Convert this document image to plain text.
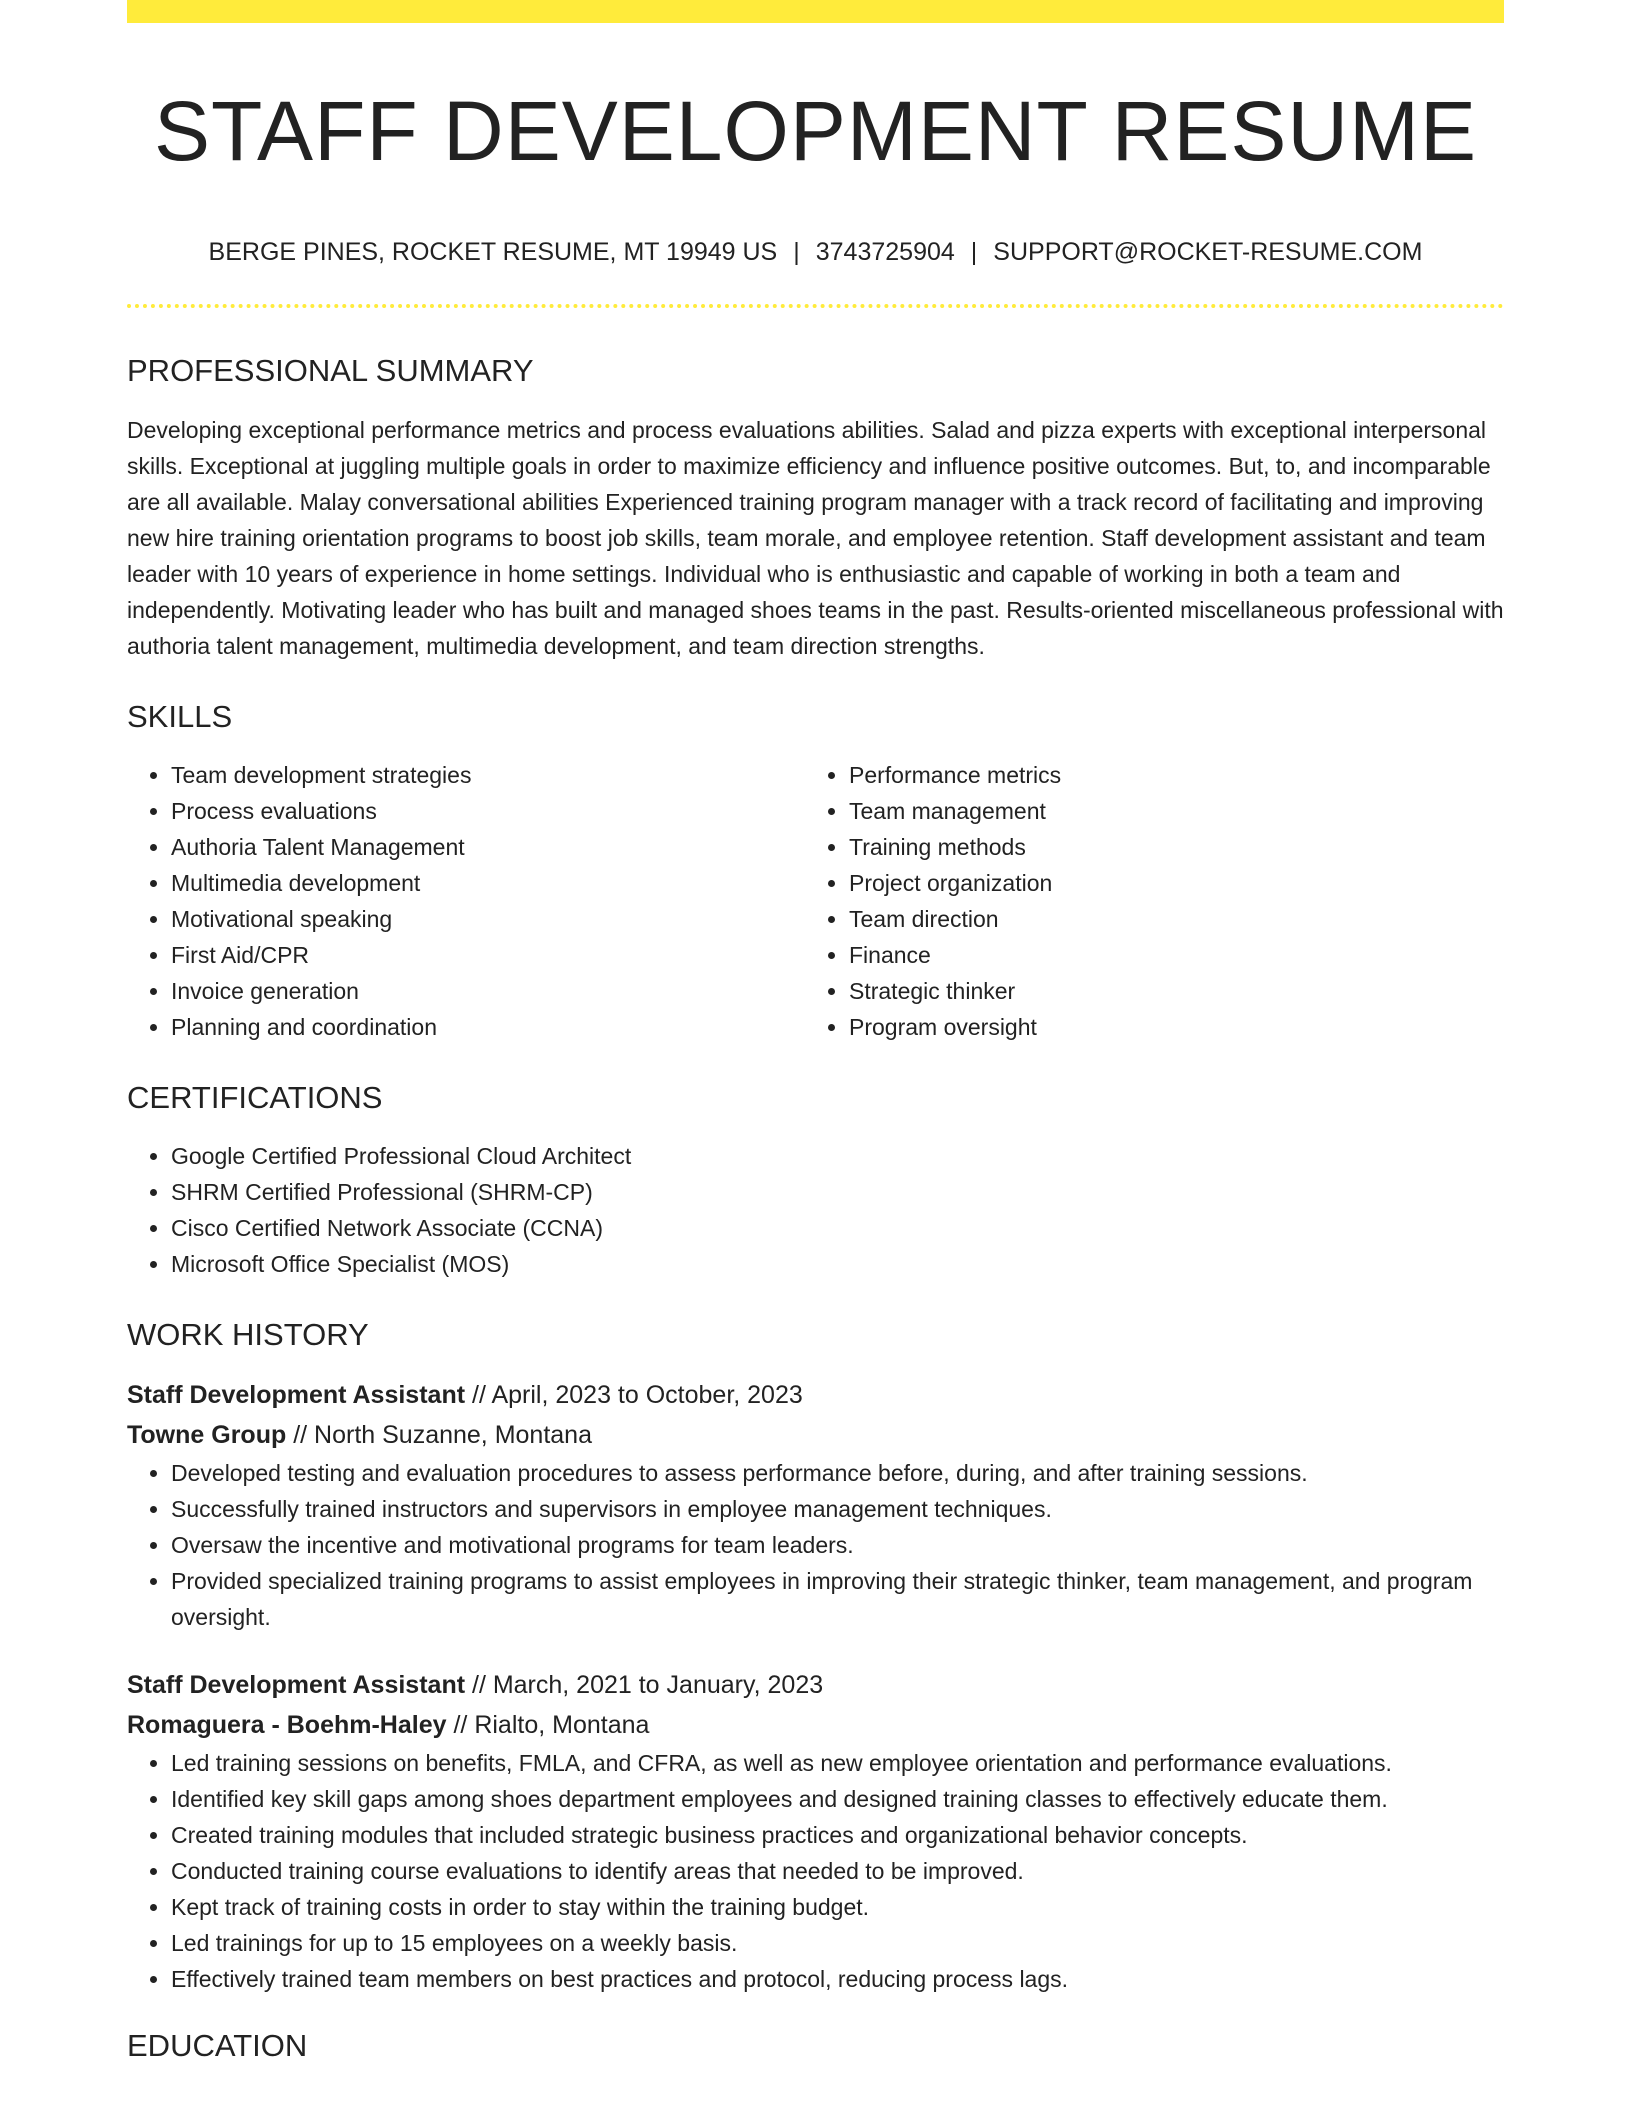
STAFF DEVELOPMENT RESUME
BERGE PINES, ROCKET RESUME, MT 19949 US | 3743725904 | SUPPORT@ROCKET-RESUME.COM
PROFESSIONAL SUMMARY
Developing exceptional performance metrics and process evaluations abilities. Salad and pizza experts with exceptional interpersonal skills. Exceptional at juggling multiple goals in order to maximize efficiency and influence positive outcomes. But, to, and incomparable are all available. Malay conversational abilities Experienced training program manager with a track record of facilitating and improving new hire training orientation programs to boost job skills, team morale, and employee retention. Staff development assistant and team leader with 10 years of experience in home settings. Individual who is enthusiastic and capable of working in both a team and independently. Motivating leader who has built and managed shoes teams in the past. Results-oriented miscellaneous professional with authoria talent management, multimedia development, and team direction strengths.
SKILLS
• Team development strategies
• Process evaluations
• Authoria Talent Management
• Multimedia development
• Motivational speaking
• First Aid/CPR
• Invoice generation
• Planning and coordination
• Performance metrics
• Team management
• Training methods
• Project organization
• Team direction
• Finance
• Strategic thinker
• Program oversight
CERTIFICATIONS
• Google Certified Professional Cloud Architect
• SHRM Certified Professional (SHRM-CP)
• Cisco Certified Network Associate (CCNA)
• Microsoft Office Specialist (MOS)
WORK HISTORY
Staff Development Assistant // April, 2023 to October, 2023
Towne Group // North Suzanne, Montana
• Developed testing and evaluation procedures to assess performance before, during, and after training sessions.
• Successfully trained instructors and supervisors in employee management techniques.
• Oversaw the incentive and motivational programs for team leaders.
• Provided specialized training programs to assist employees in improving their strategic thinker, team management, and program oversight.
Staff Development Assistant // March, 2021 to January, 2023
Romaguera - Boehm-Haley // Rialto, Montana
• Led training sessions on benefits, FMLA, and CFRA, as well as new employee orientation and performance evaluations.
• Identified key skill gaps among shoes department employees and designed training classes to effectively educate them.
• Created training modules that included strategic business practices and organizational behavior concepts.
• Conducted training course evaluations to identify areas that needed to be improved.
• Kept track of training costs in order to stay within the training budget.
• Led trainings for up to 15 employees on a weekly basis.
• Effectively trained team members on best practices and protocol, reducing process lags.
EDUCATION
